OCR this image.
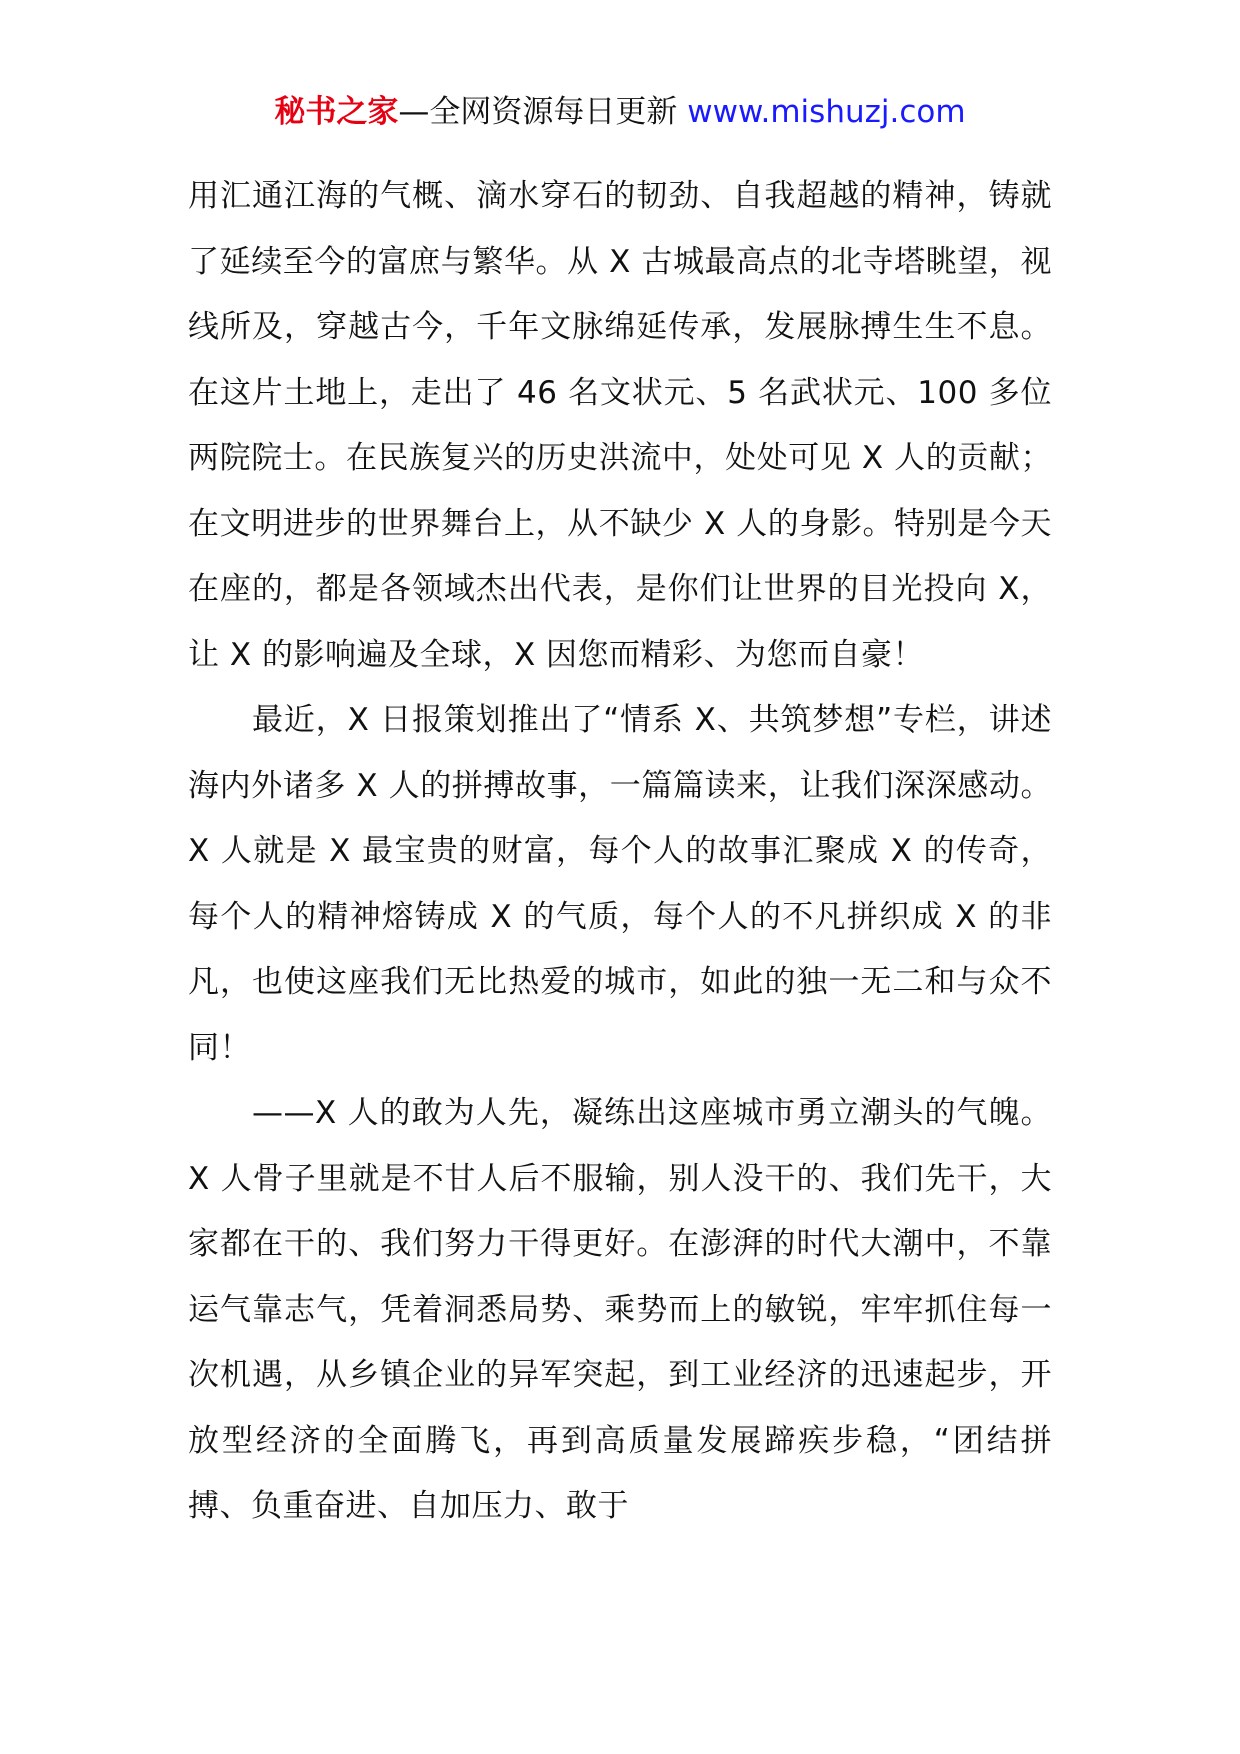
秘书之家—全网资源每日更新 www.mishuzj.com

用汇通江海的气概、滴水穿石的韧劲、自我超越的精神，铸就了延续至今的富庶与繁华。从 X 古城最高点的北寺塔眺望，视线所及，穿越古今，千年文脉绵延传承，发展脉搏生生不息。在这片土地上，走出了 46 名文状元、5 名武状元、100 多位两院院士。在民族复兴的历史洪流中，处处可见 X 人的贡献；在文明进步的世界舞台上，从不缺少 X 人的身影。特别是今天在座的，都是各领域杰出代表，是你们让世界的目光投向 X，让 X 的影响遍及全球，X 因您而精彩、为您而自豪！

最近，X 日报策划推出了“情系 X、共筑梦想”专栏，讲述海内外诸多 X 人的拼搏故事，一篇篇读来，让我们深深感动。X 人就是 X 最宝贵的财富，每个人的故事汇聚成 X 的传奇，每个人的精神熔铸成 X 的气质，每个人的不凡拼织成 X 的非凡，也使这座我们无比热爱的城市，如此的独一无二和与众不同！

——X 人的敢为人先，凝练出这座城市勇立潮头的气魄。X 人骨子里就是不甘人后不服输，别人没干的、我们先干，大家都在干的、我们努力干得更好。在澎湃的时代大潮中，不靠运气靠志气，凭着洞悉局势、乘势而上的敏锐，牢牢抓住每一次机遇，从乡镇企业的异军突起，到工业经济的迅速起步，开放型经济的全面腾飞，再到高质量发展蹄疾步稳，“团结拼搏、负重奋进、自加压力、敢于
